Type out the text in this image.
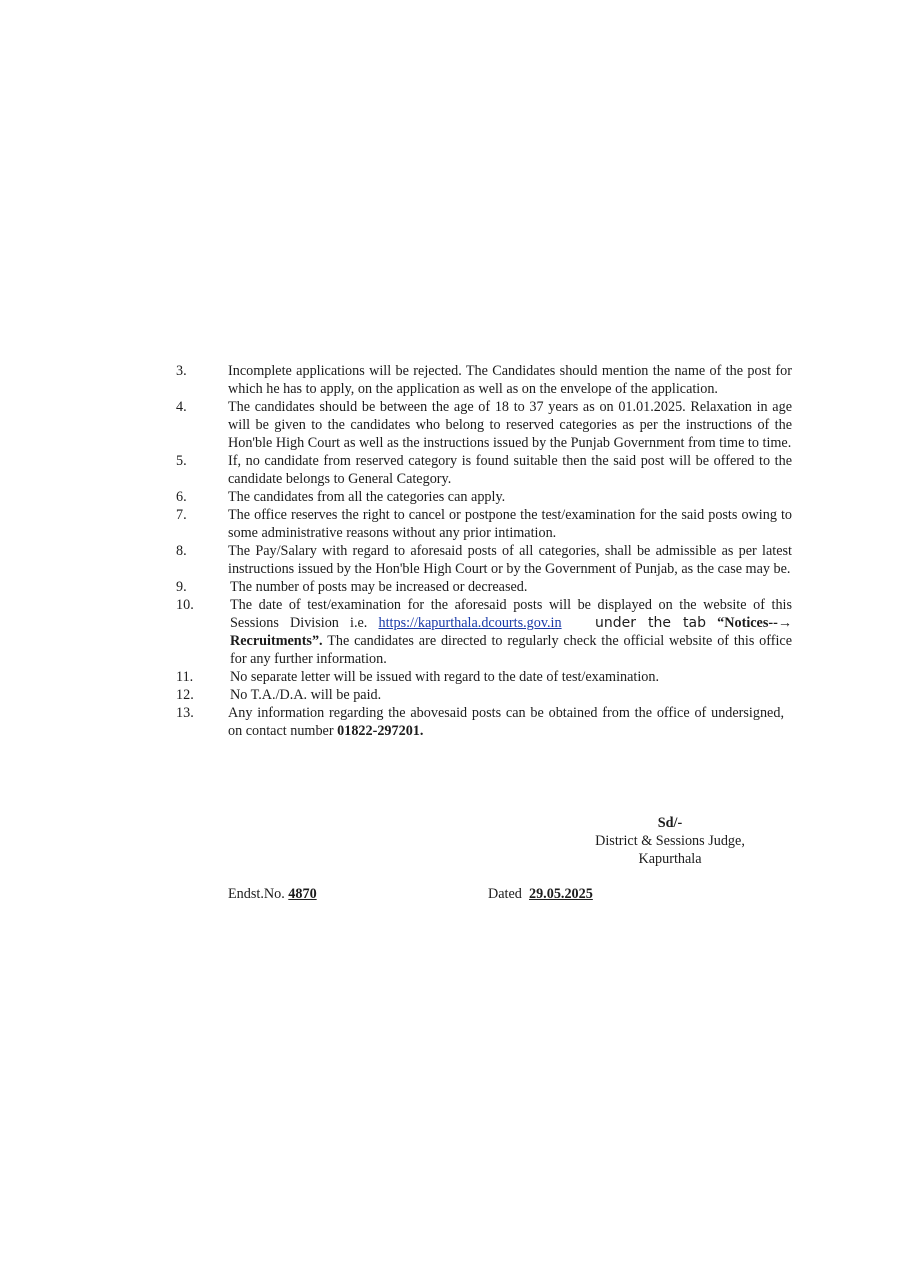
3.	Incomplete applications will be rejected. The Candidates should mention the name of the post for which he has to apply, on the application as well as on the envelope of the application.
4.	The candidates should be between the age of 18 to 37 years as on 01.01.2025. Relaxation in age will be given to the candidates who belong to reserved categories as per the instructions of the Hon'ble High Court as well as the instructions issued by the Punjab Government from time to time.
5.	If, no candidate from reserved category is found suitable then the said post will be offered to the candidate belongs to General Category.
6.	The candidates from all the categories can apply.
7.	The office reserves the right to cancel or postpone the test/examination for the said posts owing to some administrative reasons without any prior intimation.
8.	The Pay/Salary with regard to aforesaid posts of all categories, shall be admissible as per latest instructions issued by the Hon'ble High Court or by the Government of Punjab, as the case may be.
9.	The number of posts may be increased or decreased.
10.	The date of test/examination for the aforesaid posts will be displayed on the website of this Sessions Division i.e. https://kapurthala.dcourts.gov.in under the tab “Notices--→ Recruitments”. The candidates are directed to regularly check the official website of this office for any further information.
11.	No separate letter will be issued with regard to the date of test/examination.
12.	No T.A./D.A. will be paid.
13.	Any information regarding the abovesaid posts can be obtained from the office of undersigned, on contact number 01822-297201.
Sd/-
District & Sessions Judge,
Kapurthala
Endst.No. 4870	Dated 29.05.2025
